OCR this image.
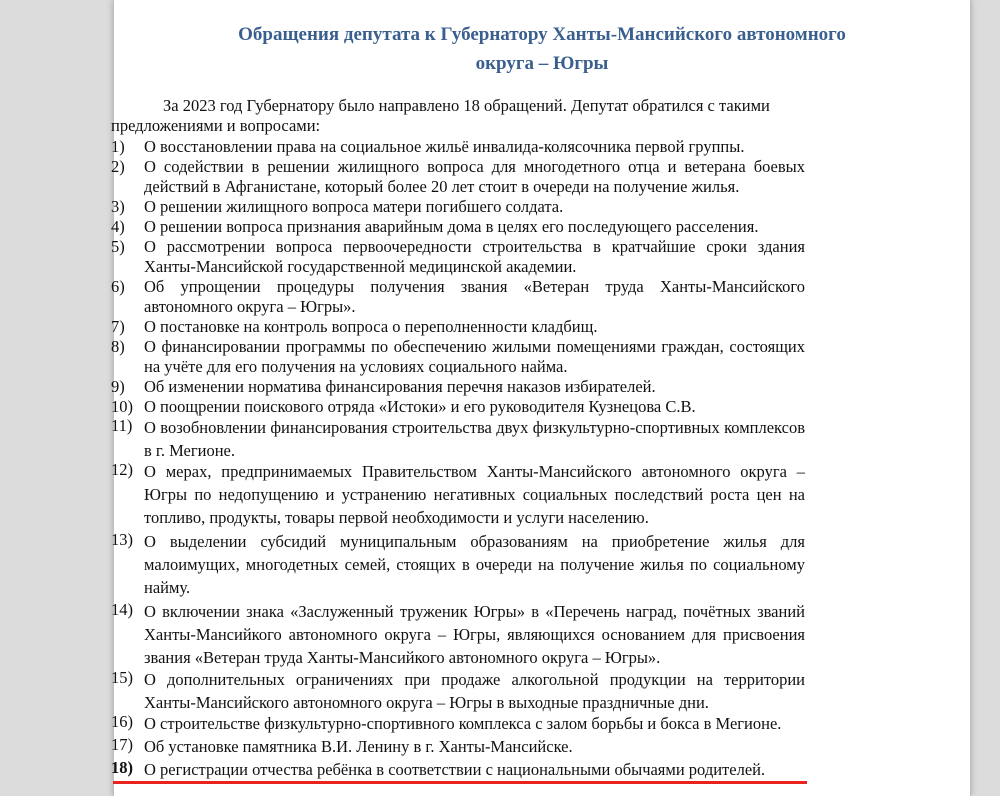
Обращения депутата к Губернатору Ханты-Мансийского автономного
округа – Югры
За 2023 год Губернатору было направлено 18 обращений. Депутат обратился с такими
предложениями и вопросами:
1) О восстановлении права на социальное жильё инвалида-колясочника первой группы.
2) О содействии в решении жилищного вопроса для многодетного отца и ветерана боевых действий в Афганистане, который более 20 лет стоит в очереди на получение жилья.
3) О решении жилищного вопроса матери погибшего солдата.
4) О решении вопроса признания аварийным дома в целях его последующего расселения.
5) О рассмотрении вопроса первоочередности строительства в кратчайшие сроки здания Ханты-Мансийской государственной медицинской академии.
6) Об упрощении процедуры получения звания «Ветеран труда Ханты-Мансийского автономного округа – Югры».
7) О постановке на контроль вопроса о переполненности кладбищ.
8) О финансировании программы по обеспечению жилыми помещениями граждан, состоящих на учёте для его получения на условиях социального найма.
9) Об изменении норматива финансирования перечня наказов избирателей.
10) О поощрении поискового отряда «Истоки» и его руководителя Кузнецова С.В.
11) О возобновлении финансирования строительства двух физкультурно-спортивных комплексов в г. Мегионе.
12) О мерах, предпринимаемых Правительством Ханты-Мансийского автономного округа – Югры по недопущению и устранению негативных социальных последствий роста цен на топливо, продукты, товары первой необходимости и услуги населению.
13) О выделении субсидий муниципальным образованиям на приобретение жилья для малоимущих, многодетных семей, стоящих в очереди на получение жилья по социальному найму.
14) О включении знака «Заслуженный труженик Югры» в «Перечень наград, почётных званий Ханты-Мансийкого автономного округа – Югры, являющихся основанием для присвоения звания «Ветеран труда Ханты-Мансийкого автономного округа – Югры».
15) О дополнительных ограничениях при продаже алкогольной продукции на территории Ханты-Мансийского автономного округа – Югры в выходные праздничные дни.
16) О строительстве физкультурно-спортивного комплекса с залом борьбы и бокса в Мегионе.
17) Об установке памятника В.И. Ленину в г. Ханты-Мансийске.
18) О регистрации отчества ребёнка в соответствии с национальными обычаями родителей.
